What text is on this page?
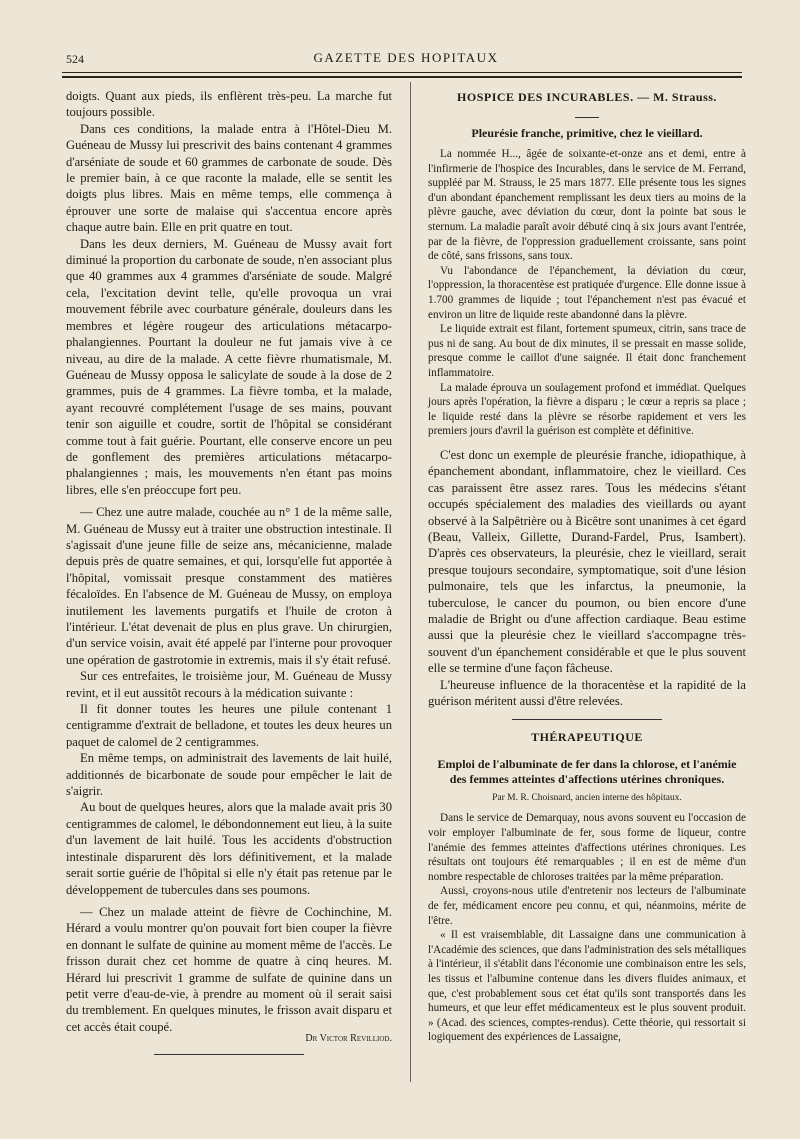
524	GAZETTE DES HOPITAUX

doigts. Quant aux pieds, ils enflèrent très-peu. La marche fut toujours possible.

Dans ces conditions, la malade entra à l'Hôtel-Dieu M. Guéneau de Mussy lui prescrivit des bains contenant 4 grammes d'arséniate de soude et 60 grammes de carbonate de soude. Dès le premier bain, à ce que raconte la malade, elle se sentit les doigts plus libres. Mais en même temps, elle commença à éprouver une sorte de malaise qui s'accentua encore après chaque autre bain. Elle en prit quatre en tout.

Dans les deux derniers, M. Guéneau de Mussy avait fort diminué la proportion du carbonate de soude, n'en associant plus que 40 grammes aux 4 grammes d'arséniate de soude. Malgré cela, l'excitation devint telle, qu'elle provoqua un vrai mouvement fébrile avec courbature générale, douleurs dans les membres et légère rougeur des articulations métacarpo-phalangiennes. Pourtant la douleur ne fut jamais vive à ce niveau, au dire de la malade. A cette fièvre rhumatismale, M. Guéneau de Mussy opposa le salicylate de soude à la dose de 2 grammes, puis de 4 grammes. La fièvre tomba, et la malade, ayant recouvré complétement l'usage de ses mains, pouvant tenir son aiguille et coudre, sortit de l'hôpital se considérant comme tout à fait guérie. Pourtant, elle conserve encore un peu de gonflement des premières articulations métacarpo-phalangiennes ; mais, les mouvements n'en étant pas moins libres, elle s'en préoccupe fort peu.

— Chez une autre malade, couchée au n° 1 de la même salle, M. Guéneau de Mussy eut à traiter une obstruction intestinale. Il s'agissait d'une jeune fille de seize ans, mécanicienne, malade depuis près de quatre semaines, et qui, lorsqu'elle fut apportée à l'hôpital, vomissait presque constamment des matières fécaloïdes. En l'absence de M. Guéneau de Mussy, on employa inutilement les lavements purgatifs et l'huile de croton à l'intérieur. L'état devenait de plus en plus grave. Un chirurgien, d'un service voisin, avait été appelé par l'interne pour provoquer une opération de gastrotomie in extremis, mais il s'y était refusé.

Sur ces entrefaites, le troisième jour, M. Guéneau de Mussy revint, et il eut aussitôt recours à la médication suivante :

Il fit donner toutes les heures une pilule contenant 1 centigramme d'extrait de belladone, et toutes les deux heures un paquet de calomel de 2 centigrammes.

En même temps, on administrait des lavements de lait huilé, additionnés de bicarbonate de soude pour empêcher le lait de s'aigrir.

Au bout de quelques heures, alors que la malade avait pris 30 centigrammes de calomel, le débondonnement eut lieu, à la suite d'un lavement de lait huilé. Tous les accidents d'obstruction intestinale disparurent dès lors définitivement, et la malade serait sortie guérie de l'hôpital si elle n'y était pas retenue par le développement de tubercules dans ses poumons.

— Chez un malade atteint de fièvre de Cochinchine, M. Hérard a voulu montrer qu'on pouvait fort bien couper la fièvre en donnant le sulfate de quinine au moment même de l'accès. Le frisson durait chez cet homme de quatre à cinq heures. M. Hérard lui prescrivit 1 gramme de sulfate de quinine dans un petit verre d'eau-de-vie, à prendre au moment où il serait saisi du tremblement. En quelques minutes, le frisson avait disparu et cet accès était coupé.

Dr Victor Revilliod.
HOSPICE DES INCURABLES. — M. Strauss.
Pleurésie franche, primitive, chez le vieillard.

La nommée H..., âgée de soixante-et-onze ans et demi, entre à l'infirmerie de l'hospice des Incurables, dans le service de M. Ferrand, suppléé par M. Strauss, le 25 mars 1877. Elle présente tous les signes d'un abondant épanchement remplissant les deux tiers au moins de la plèvre gauche, avec déviation du cœur, dont la pointe bat sous le sternum. La maladie paraît avoir débuté cinq à six jours avant l'entrée, par de la fièvre, de l'oppression graduellement croissante, sans point de côté, sans frissons, sans toux.

Vu l'abondance de l'épanchement, la déviation du cœur, l'oppression, la thoracentèse est pratiquée d'urgence. Elle donne issue à 1.700 grammes de liquide ; tout l'épanchement n'est pas évacué et environ un litre de liquide reste abandonné dans la plèvre.

Le liquide extrait est filant, fortement spumeux, citrin, sans trace de pus ni de sang. Au bout de dix minutes, il se pressait en masse solide, presque comme le caillot d'une saignée. Il était donc franchement inflammatoire.

La malade éprouva un soulagement profond et immédiat. Quelques jours après l'opération, la fièvre a disparu ; le cœur a repris sa place ; le liquide resté dans la plèvre se résorbe rapidement et vers les premiers jours d'avril la guérison est complète et définitive.

C'est donc un exemple de pleurésie franche, idiopathique, à épanchement abondant, inflammatoire, chez le vieillard. Ces cas paraissent être assez rares. Tous les médecins s'étant occupés spécialement des maladies des vieillards ou ayant observé à la Salpêtrière ou à Bicêtre sont unanimes à cet égard (Beau, Valleix, Gillette, Durand-Fardel, Prus, Isambert). D'après ces observateurs, la pleurésie, chez le vieillard, serait presque toujours secondaire, symptomatique, soit d'une lésion pulmonaire, tels que les infarctus, la pneumonie, la tuberculose, le cancer du poumon, ou bien encore d'une maladie de Bright ou d'une affection cardiaque. Beau estime aussi que la pleurésie chez le vieillard s'accompagne très-souvent d'un épanchement considérable et que le plus souvent elle se termine d'une façon fâcheuse.

L'heureuse influence de la thoracentèse et la rapidité de la guérison méritent aussi d'être relevées.

THÉRAPEUTIQUE
Emploi de l'albuminate de fer dans la chlorose, et l'anémie des femmes atteintes d'affections utérines chroniques.
Par M. R. Choisnard, ancien interne des hôpitaux.

Dans le service de Demarquay, nous avons souvent eu l'occasion de voir employer l'albuminate de fer, sous forme de liqueur, contre l'anémie des femmes atteintes d'affections utérines chroniques. Les résultats ont toujours été remarquables ; il en est de même d'un nombre respectable de chloroses traitées par la même préparation.

Aussi, croyons-nous utile d'entretenir nos lecteurs de l'albuminate de fer, médicament encore peu connu, et qui, néanmoins, mérite de l'être.

« Il est vraisemblable, dit Lassaigne dans une communication à l'Académie des sciences, que dans l'administration des sels métalliques à l'intérieur, il s'établit dans l'économie une combinaison entre les sels, les tissus et l'albumine contenue dans les divers fluides animaux, et que, c'est probablement sous cet état qu'ils sont transportés dans les humeurs, et que leur effet médicamenteux est le plus souvent produit. » (Acad. des sciences, comptes-rendus). Cette théorie, qui ressortait si logiquement des expériences de Lassaigne,
